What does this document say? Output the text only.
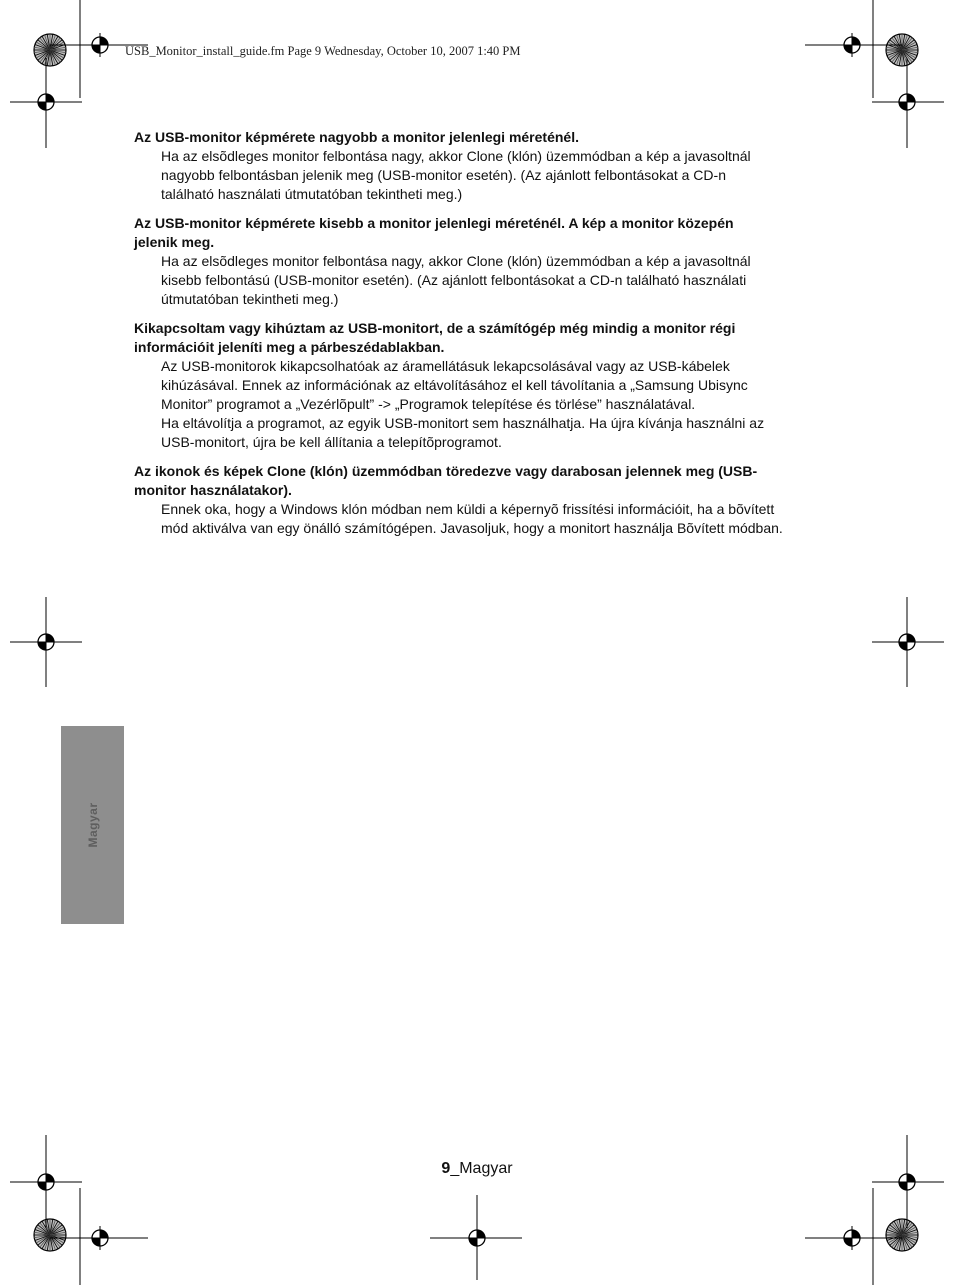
USB_Monitor_install_guide.fm Page 9 Wednesday, October 10, 2007 1:40 PM

Az USB-monitor képmérete nagyobb a monitor jelenlegi méreténél.

Ha az elsõdleges monitor felbontása nagy, akkor Clone (klón) üzemmódban a kép a javasoltnál
nagyobb felbontásban jelenik meg (USB-monitor esetén). (Az ajánlott felbontásokat a CD-n
található használati útmutatóban tekintheti meg.)

Az USB-monitor képmérete kisebb a monitor jelenlegi méreténél. A kép a monitor közepén
jelenik meg.

Ha az elsõdleges monitor felbontása nagy, akkor Clone (klón) üzemmódban a kép a javasoltnál
kisebb felbontású (USB-monitor esetén). (Az ajánlott felbontásokat a CD-n található használati
útmutatóban tekintheti meg.)

Kikapcsoltam vagy kihúztam az USB-monitort, de a számítógép még mindig a monitor régi
információit jeleníti meg a párbeszédablakban.

Az USB-monitorok kikapcsolhatóak az áramellátásuk lekapcsolásával vagy az USB-kábelek
kihúzásával. Ennek az információnak az eltávolításához el kell távolítania a „Samsung Ubisync
Monitor” programot a „Vezérlõpult” -> „Programok telepítése és törlése” használatával.
Ha eltávolítja a programot, az egyik USB-monitort sem használhatja. Ha újra kívánja használni az
USB-monitort, újra be kell állítania a telepítõprogramot.

Az ikonok és képek Clone (klón) üzemmódban töredezve vagy darabosan jelennek meg (USB-
monitor használatakor).

Ennek oka, hogy a Windows klón módban nem küldi a képernyõ frissítési információit, ha a bõvített
mód aktiválva van egy önálló számítógépen. Javasoljuk, hogy a monitort használja Bõvített módban.

Magyar
9_Magyar
